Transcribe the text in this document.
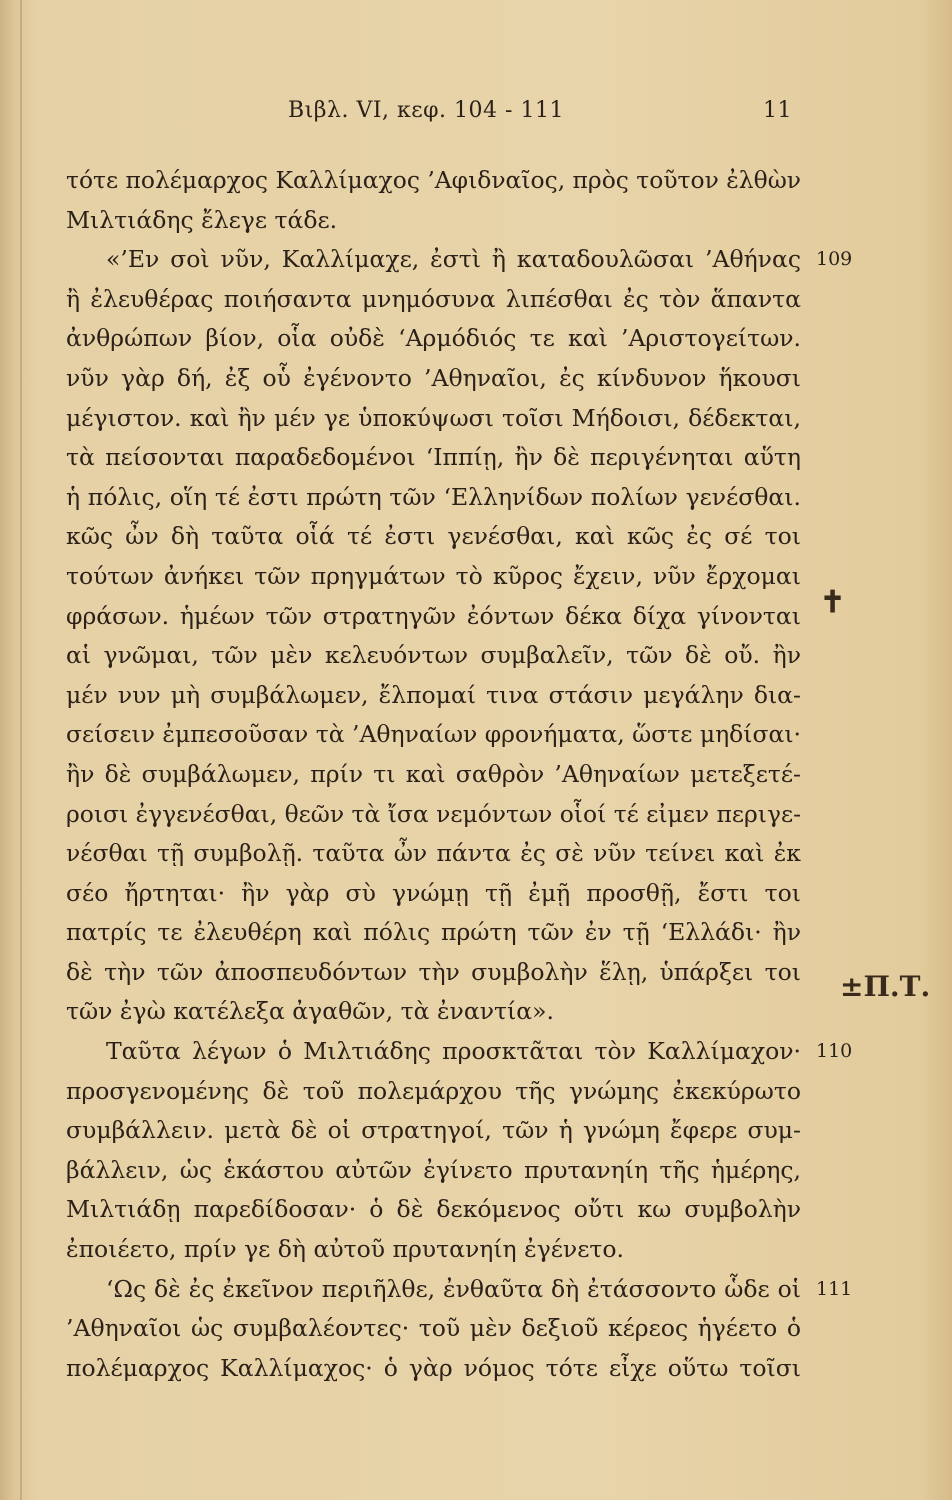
Βιβλ. VI, κεφ. 104 - 111	11
τότε πολέμαρχος Καλλίμαχος ’Αφιδναῖος, πρὸς τοῦτον ἐλθὼν
Μιλτιάδης ἔλεγε τάδε.
«’Εν σοὶ νῦν, Καλλίμαχε, ἐστὶ ἢ καταδουλῶσαι ’Αθήνας 109
ἢ ἐλευθέρας ποιήσαντα μνημόσυνα λιπέσθαι ἐς τὸν ἅπαντα
ἀνθρώπων βίον, οἷα οὐδὲ ‘Αρμόδιός τε καὶ ’Αριστογείτων.
νῦν γὰρ δή, ἐξ οὗ ἐγένοντο ’Αθηναῖοι, ἐς κίνδυνον ἥκουσι
μέγιστον. καὶ ἢν μέν γε ὑποκύψωσι τοῖσι Μήδοισι, δέδεκται,
τὰ πείσονται παραδεδομένοι ‘Ιππίῃ, ἢν δὲ περιγένηται αὕτη
ἡ πόλις, οἵη τέ ἐστι πρώτη τῶν ‘Ελληνίδων πολίων γενέσθαι.
κῶς ὦν δὴ ταῦτα οἷά τέ ἐστι γενέσθαι, καὶ κῶς ἐς σέ τοι
τούτων ἀνήκει τῶν πρηγμάτων τὸ κῦρος ἔχειν, νῦν ἔρχομαι
φράσων. ἡμέων τῶν στρατηγῶν ἐόντων δέκα δίχα γίνονται
αἱ γνῶμαι, τῶν μὲν κελευόντων συμβαλεῖν, τῶν δὲ οὔ. ἢν
μέν νυν μὴ συμβάλωμεν, ἔλπομαί τινα στάσιν μεγάλην δια-
σείσειν ἐμπεσοῦσαν τὰ ’Αθηναίων φρονήματα, ὥστε μηδίσαι·
ἢν δὲ συμβάλωμεν, πρίν τι καὶ σαθρὸν ’Αθηναίων μετεξετέ-
ροισι ἐγγενέσθαι, θεῶν τὰ ἴσα νεμόντων οἷοί τέ εἰμεν περιγε-
νέσθαι τῇ συμβολῇ. ταῦτα ὦν πάντα ἐς σὲ νῦν τείνει καὶ ἐκ
σέο ἤρτηται· ἢν γὰρ σὺ γνώμῃ τῇ ἐμῇ προσθῇ, ἔστι τοι
πατρίς τε ἐλευθέρη καὶ πόλις πρώτη τῶν ἐν τῇ ‘Ελλάδι· ἢν
δὲ τὴν τῶν ἀποσπευδόντων τὴν συμβολὴν ἕλῃ, ὑπάρξει τοι
τῶν ἐγὼ κατέλεξα ἀγαθῶν, τὰ ἐναντία».
Ταῦτα λέγων ὁ Μιλτιάδης προσκτᾶται τὸν Καλλίμαχον· 110
προσγενομένης δὲ τοῦ πολεμάρχου τῆς γνώμης ἐκεκύρωτο
συμβάλλειν. μετὰ δὲ οἱ στρατηγοί, τῶν ἡ γνώμη ἔφερε συμ-
βάλλειν, ὡς ἑκάστου αὐτῶν ἐγίνετο πρυτανηίη τῆς ἡμέρης,
Μιλτιάδῃ παρεδίδοσαν· ὁ δὲ δεκόμενος οὔτι κω συμβολὴν
ἐποιέετο, πρίν γε δὴ αὐτοῦ πρυτανηίη ἐγένετο.
‘Ως δὲ ἐς ἐκεῖνον περιῆλθε, ἐνθαῦτα δὴ ἐτάσσοντο ὧδε οἱ 111
’Αθηναῖοι ὡς συμβαλέοντες· τοῦ μὲν δεξιοῦ κέρεος ἡγέετο ὁ
πολέμαρχος Καλλίμαχος· ὁ γὰρ νόμος τότε εἶχε οὕτω τοῖσι
✝
±Π.Τ.
